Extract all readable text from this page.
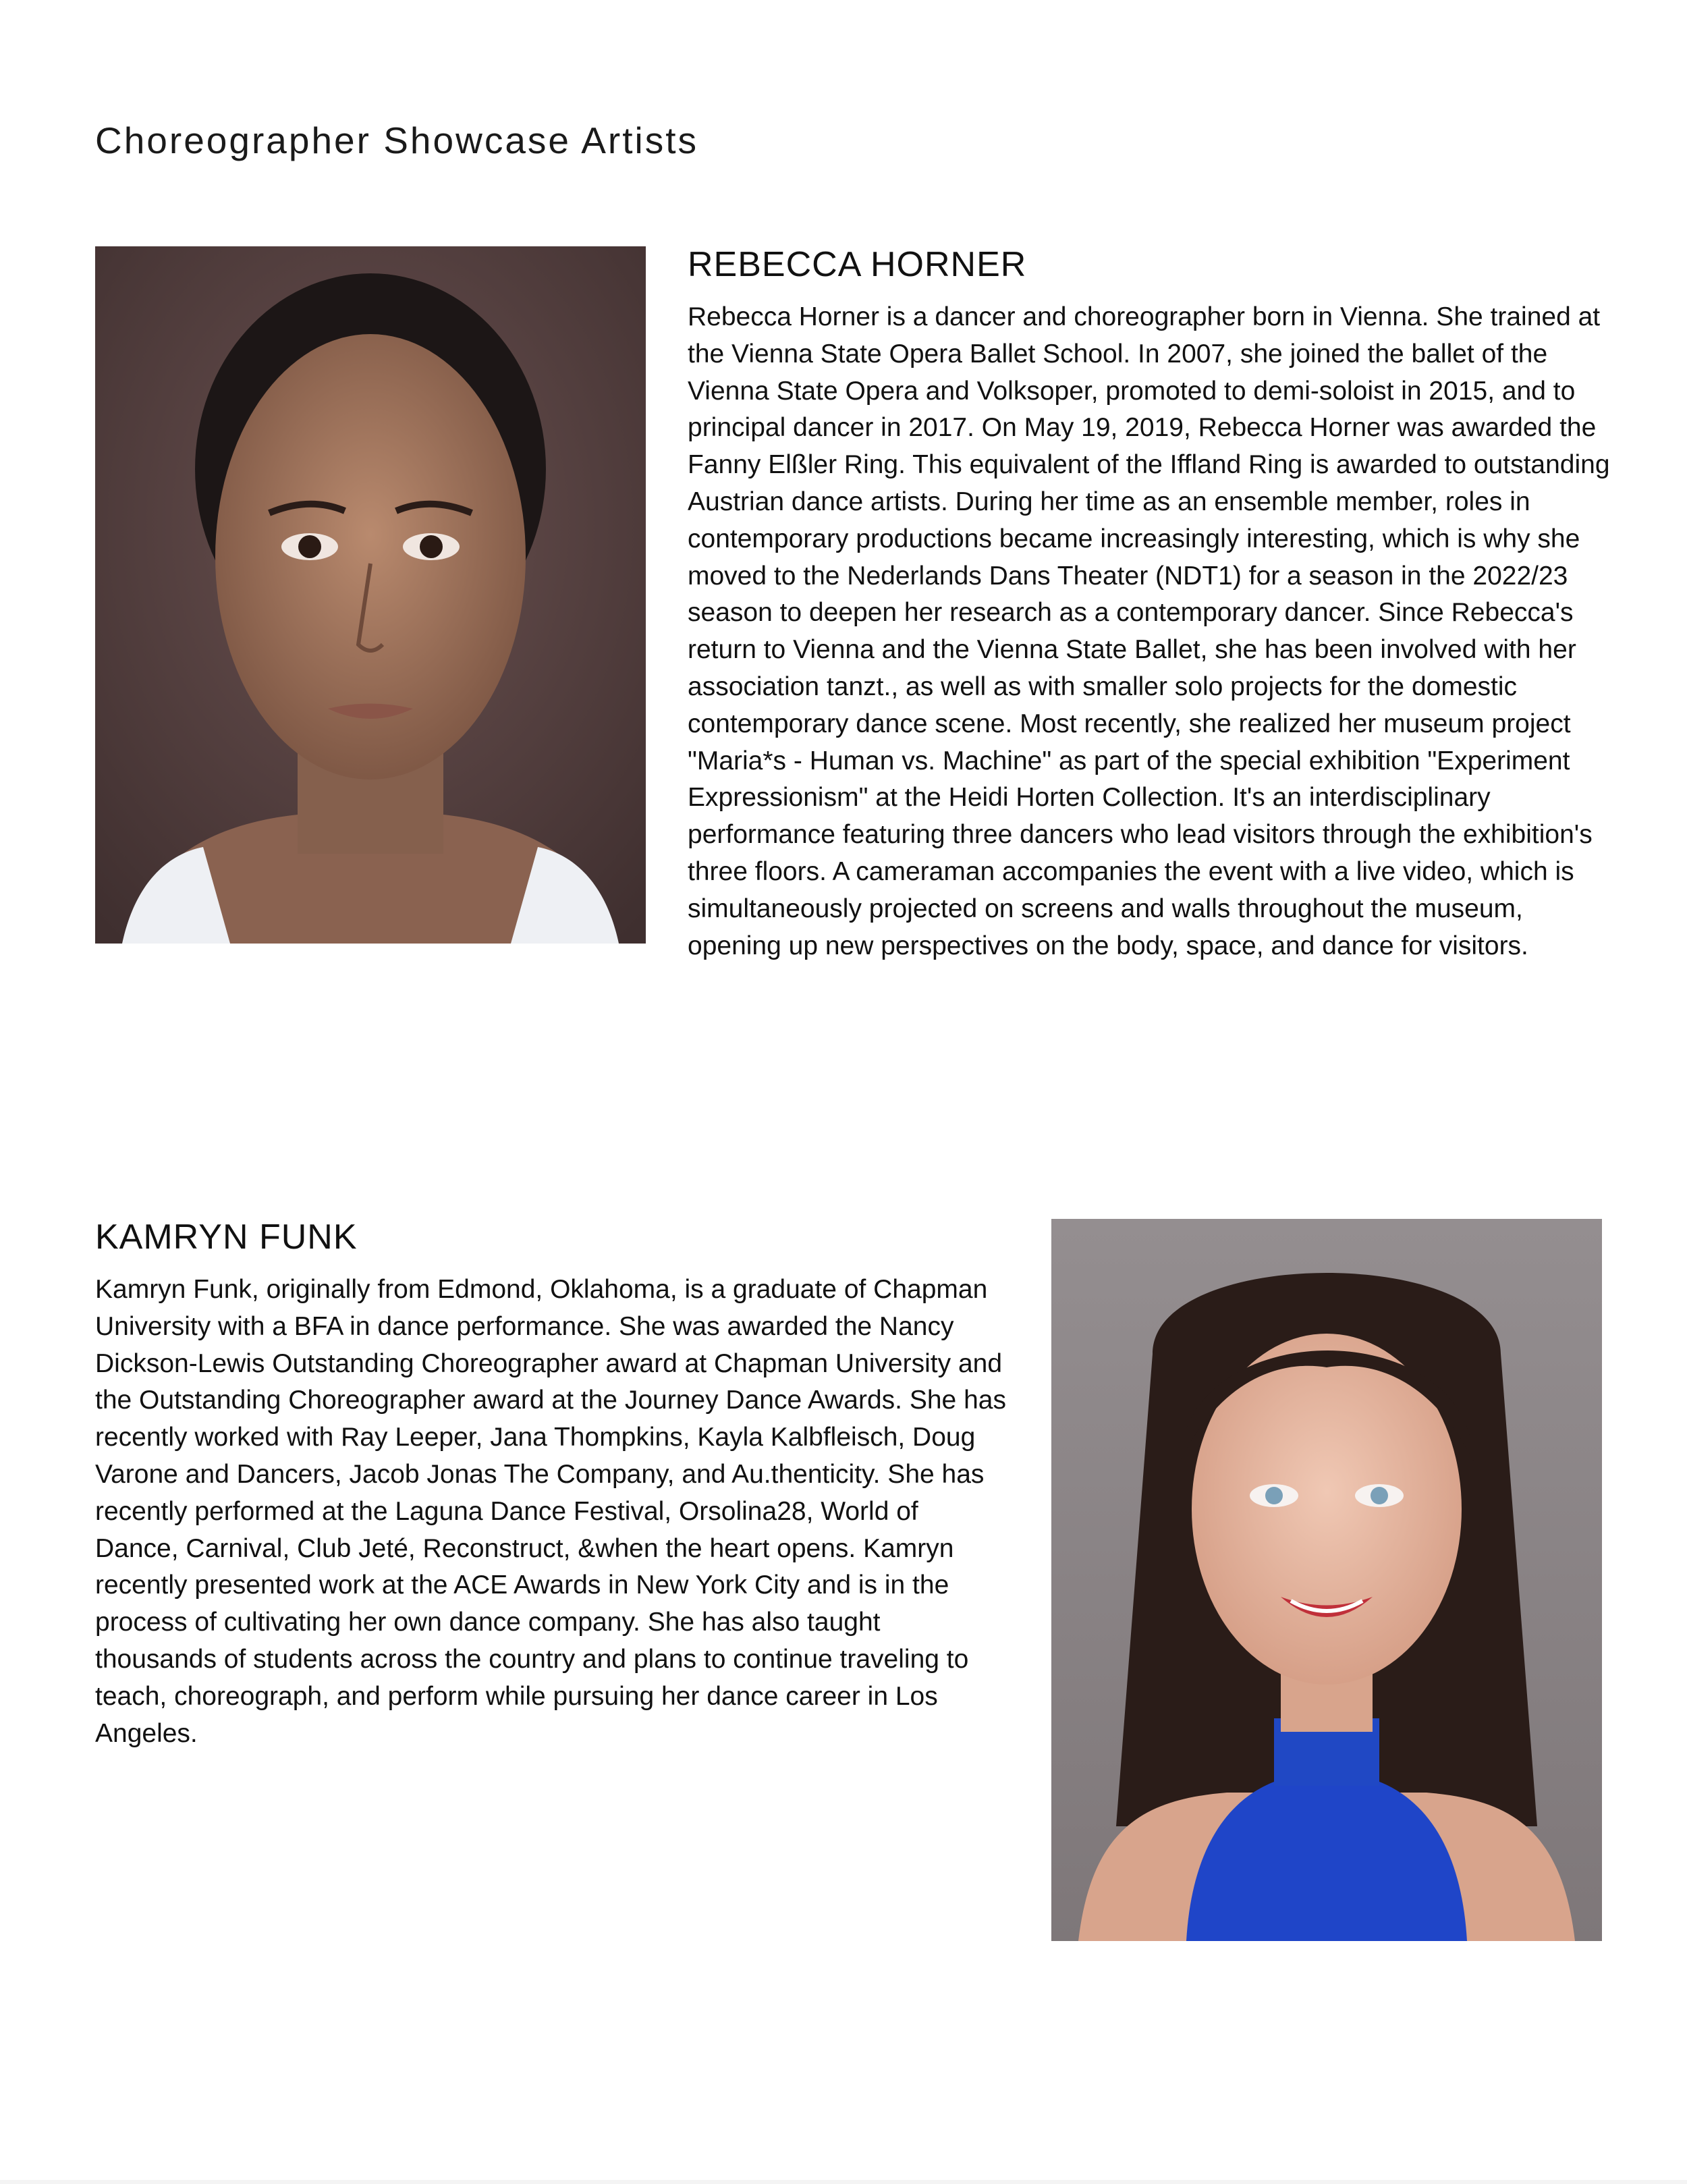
Choreographer Showcase Artists
REBECCA HORNER

Rebecca Horner is a dancer and choreographer born in Vienna. She trained at the Vienna State Opera Ballet School. In 2007, she joined the ballet of the Vienna State Opera and Volksoper, promoted to demi-soloist in 2015, and to principal dancer in 2017. On May 19, 2019, Rebecca Horner was awarded the Fanny Elßler Ring. This equivalent of the Iffland Ring is awarded to outstanding Austrian dance artists. During her time as an ensemble member, roles in contemporary productions became increasingly interesting, which is why she moved to the Nederlands Dans Theater (NDT1) for a season in the 2022/23 season to deepen her research as a contemporary dancer. Since Rebecca's return to Vienna and the Vienna State Ballet, she has been involved with her association tanzt., as well as with smaller solo projects for the domestic contemporary dance scene. Most recently, she realized her museum project "Maria*s - Human vs. Machine" as part of the special exhibition "Experiment Expressionism" at the Heidi Horten Collection. It's an interdisciplinary performance featuring three dancers who lead visitors through the exhibition's three floors. A cameraman accompanies the event with a live video, which is simultaneously projected on screens and walls throughout the museum, opening up new perspectives on the body, space, and dance for visitors.

KAMRYN FUNK

Kamryn Funk, originally from Edmond, Oklahoma, is a graduate of Chapman University with a BFA in dance performance. She was awarded the Nancy Dickson-Lewis Outstanding Choreographer award at Chapman University and the Outstanding Choreographer award at the Journey Dance Awards. She has recently worked with Ray Leeper, Jana Thompkins, Kayla Kalbfleisch, Doug Varone and Dancers, Jacob Jonas The Company, and Au.thenticity. She has recently performed at the Laguna Dance Festival, Orsolina28, World of Dance, Carnival, Club Jeté, Reconstruct, &when the heart opens. Kamryn recently presented work at the ACE Awards in New York City and is in the process of cultivating her own dance company. She has also taught thousands of students across the country and plans to continue traveling to teach, choreograph, and perform while pursuing her dance career in Los Angeles.
